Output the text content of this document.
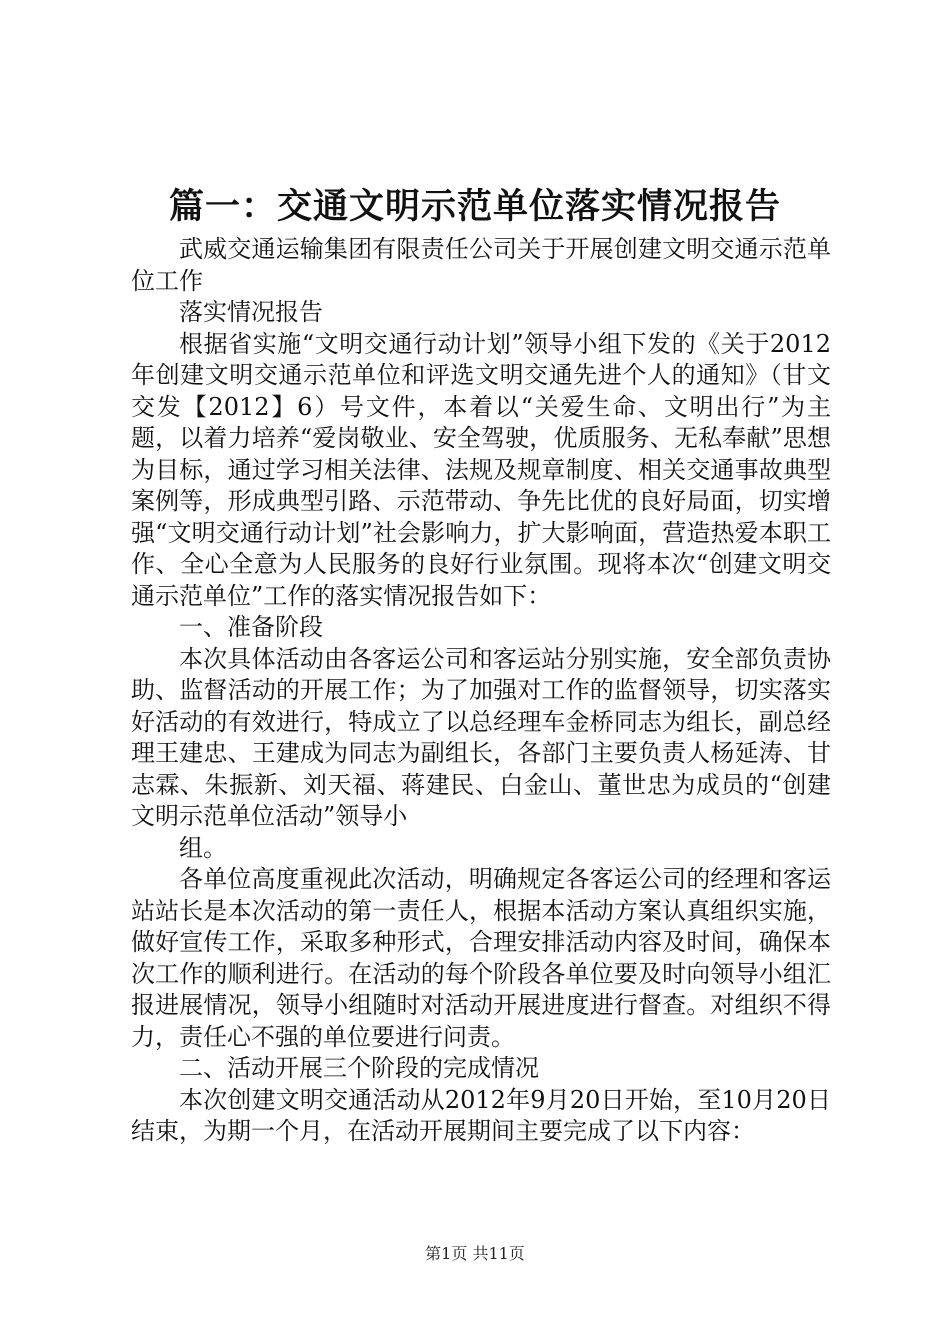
篇一：交通文明示范单位落实情况报告

武威交通运输集团有限责任公司关于开展创建文明交通示范单位工作

落实情况报告

根据省实施“文明交通行动计划”领导小组下发的《关于2012年创建文明交通示范单位和评选文明交通先进个人的通知》（甘文交发【2012】6）号文件，本着以“关爱生命、文明出行”为主题，以着力培养“爱岗敬业、安全驾驶，优质服务、无私奉献”思想为目标，通过学习相关法律、法规及规章制度、相关交通事故典型案例等，形成典型引路、示范带动、争先比优的良好局面，切实增强“文明交通行动计划”社会影响力，扩大影响面，营造热爱本职工作、全心全意为人民服务的良好行业氛围。现将本次“创建文明交通示范单位”工作的落实情况报告如下：

一、准备阶段

本次具体活动由各客运公司和客运站分别实施，安全部负责协助、监督活动的开展工作；为了加强对工作的监督领导，切实落实好活动的有效进行，特成立了以总经理车金桥同志为组长，副总经理王建忠、王建成为同志为副组长，各部门主要负责人杨延涛、甘志霖、朱振新、刘天福、蒋建民、白金山、董世忠为成员的“创建文明示范单位活动”领导小

组。

各单位高度重视此次活动，明确规定各客运公司的经理和客运站站长是本次活动的第一责任人，根据本活动方案认真组织实施，做好宣传工作，采取多种形式，合理安排活动内容及时间，确保本次工作的顺利进行。在活动的每个阶段各单位要及时向领导小组汇报进展情况，领导小组随时对活动开展进度进行督查。对组织不得力，责任心不强的单位要进行问责。

二、活动开展三个阶段的完成情况

本次创建文明交通活动从2012年9月20日开始，至10月20日结束，为期一个月，在活动开展期间主要完成了以下内容：

第1页 共11页
